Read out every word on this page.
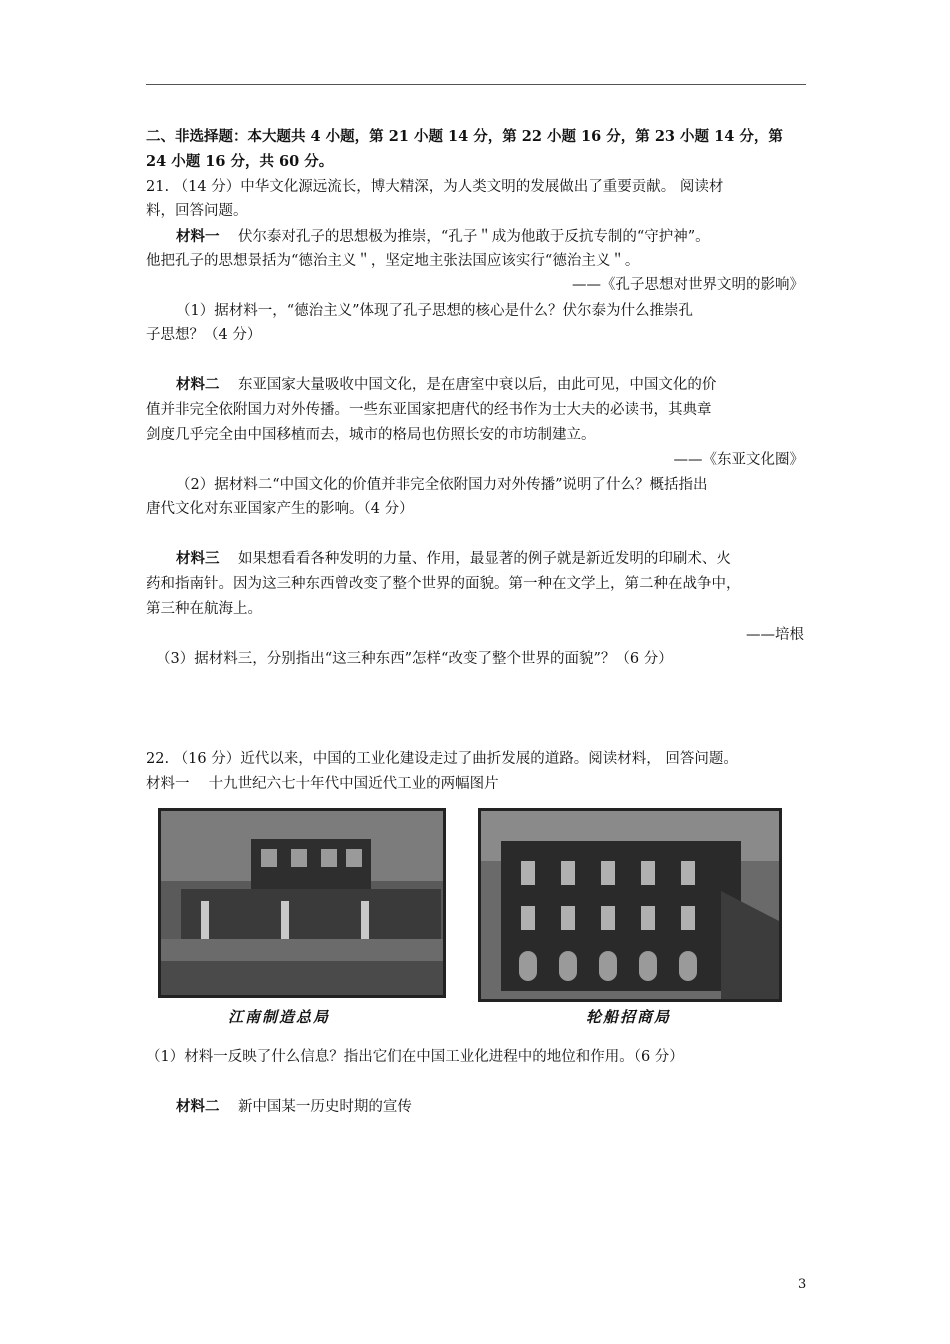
二、非选择题：本大题共 4 小题，第 21 小题 14 分，第 22 小题 16 分，第 23 小题 14 分，第
24 小题 16 分，共 60 分。
21. （14 分）中华文化源远流长，博大精深，为人类文明的发展做出了重要贡献。 阅读材
料，回答问题。
材料一 伏尔泰对孔子的思想极为推崇，“孔子＂成为他敢于反抗专制的“守护神”。
他把孔子的思想景括为“德治主义＂，坚定地主张法国应该实行“德治主义＂。
——《孔子思想对世界文明的影响》
（1）据材料一，“德治主义”体现了孔子思想的核心是什么？伏尔泰为什么推崇孔
子思想？（4 分）
材料二 东亚国家大量吸收中国文化，是在唐室中衰以后，由此可见，中国文化的价
值并非完全依附国力对外传播。一些东亚国家把唐代的经书作为士大夫的必读书，其典章
剑度几乎完全由中国移植而去，城市的格局也仿照长安的市坊制建立。
——《东亚文化圈》
（2）据材料二“中国文化的价值并非完全依附国力对外传播”说明了什么？概括指出
唐代文化对东亚国家产生的影响。（4 分）
材料三 如果想看看各种发明的力量、作用，最显著的例子就是新近发明的印刷术、火
药和指南针。因为这三种东西曾改变了整个世界的面貌。第一种在文学上，第二种在战争中，
第三种在航海上。
——培根
（3）据材料三，分别指出“这三种东西”怎样“改变了整个世界的面貌”？（6 分）
22. （16 分）近代以来，中国的工业化建设走过了曲折发展的道路。阅读材料， 回答问题。
材料一　 十九世纪六七十年代中国近代工业的两幅图片
江南制造总局	轮船招商局
（1）材料一反映了什么信息？指出它们在中国工业化进程中的地位和作用。（6 分）
材料二 新中国某一历史时期的宣传
3
